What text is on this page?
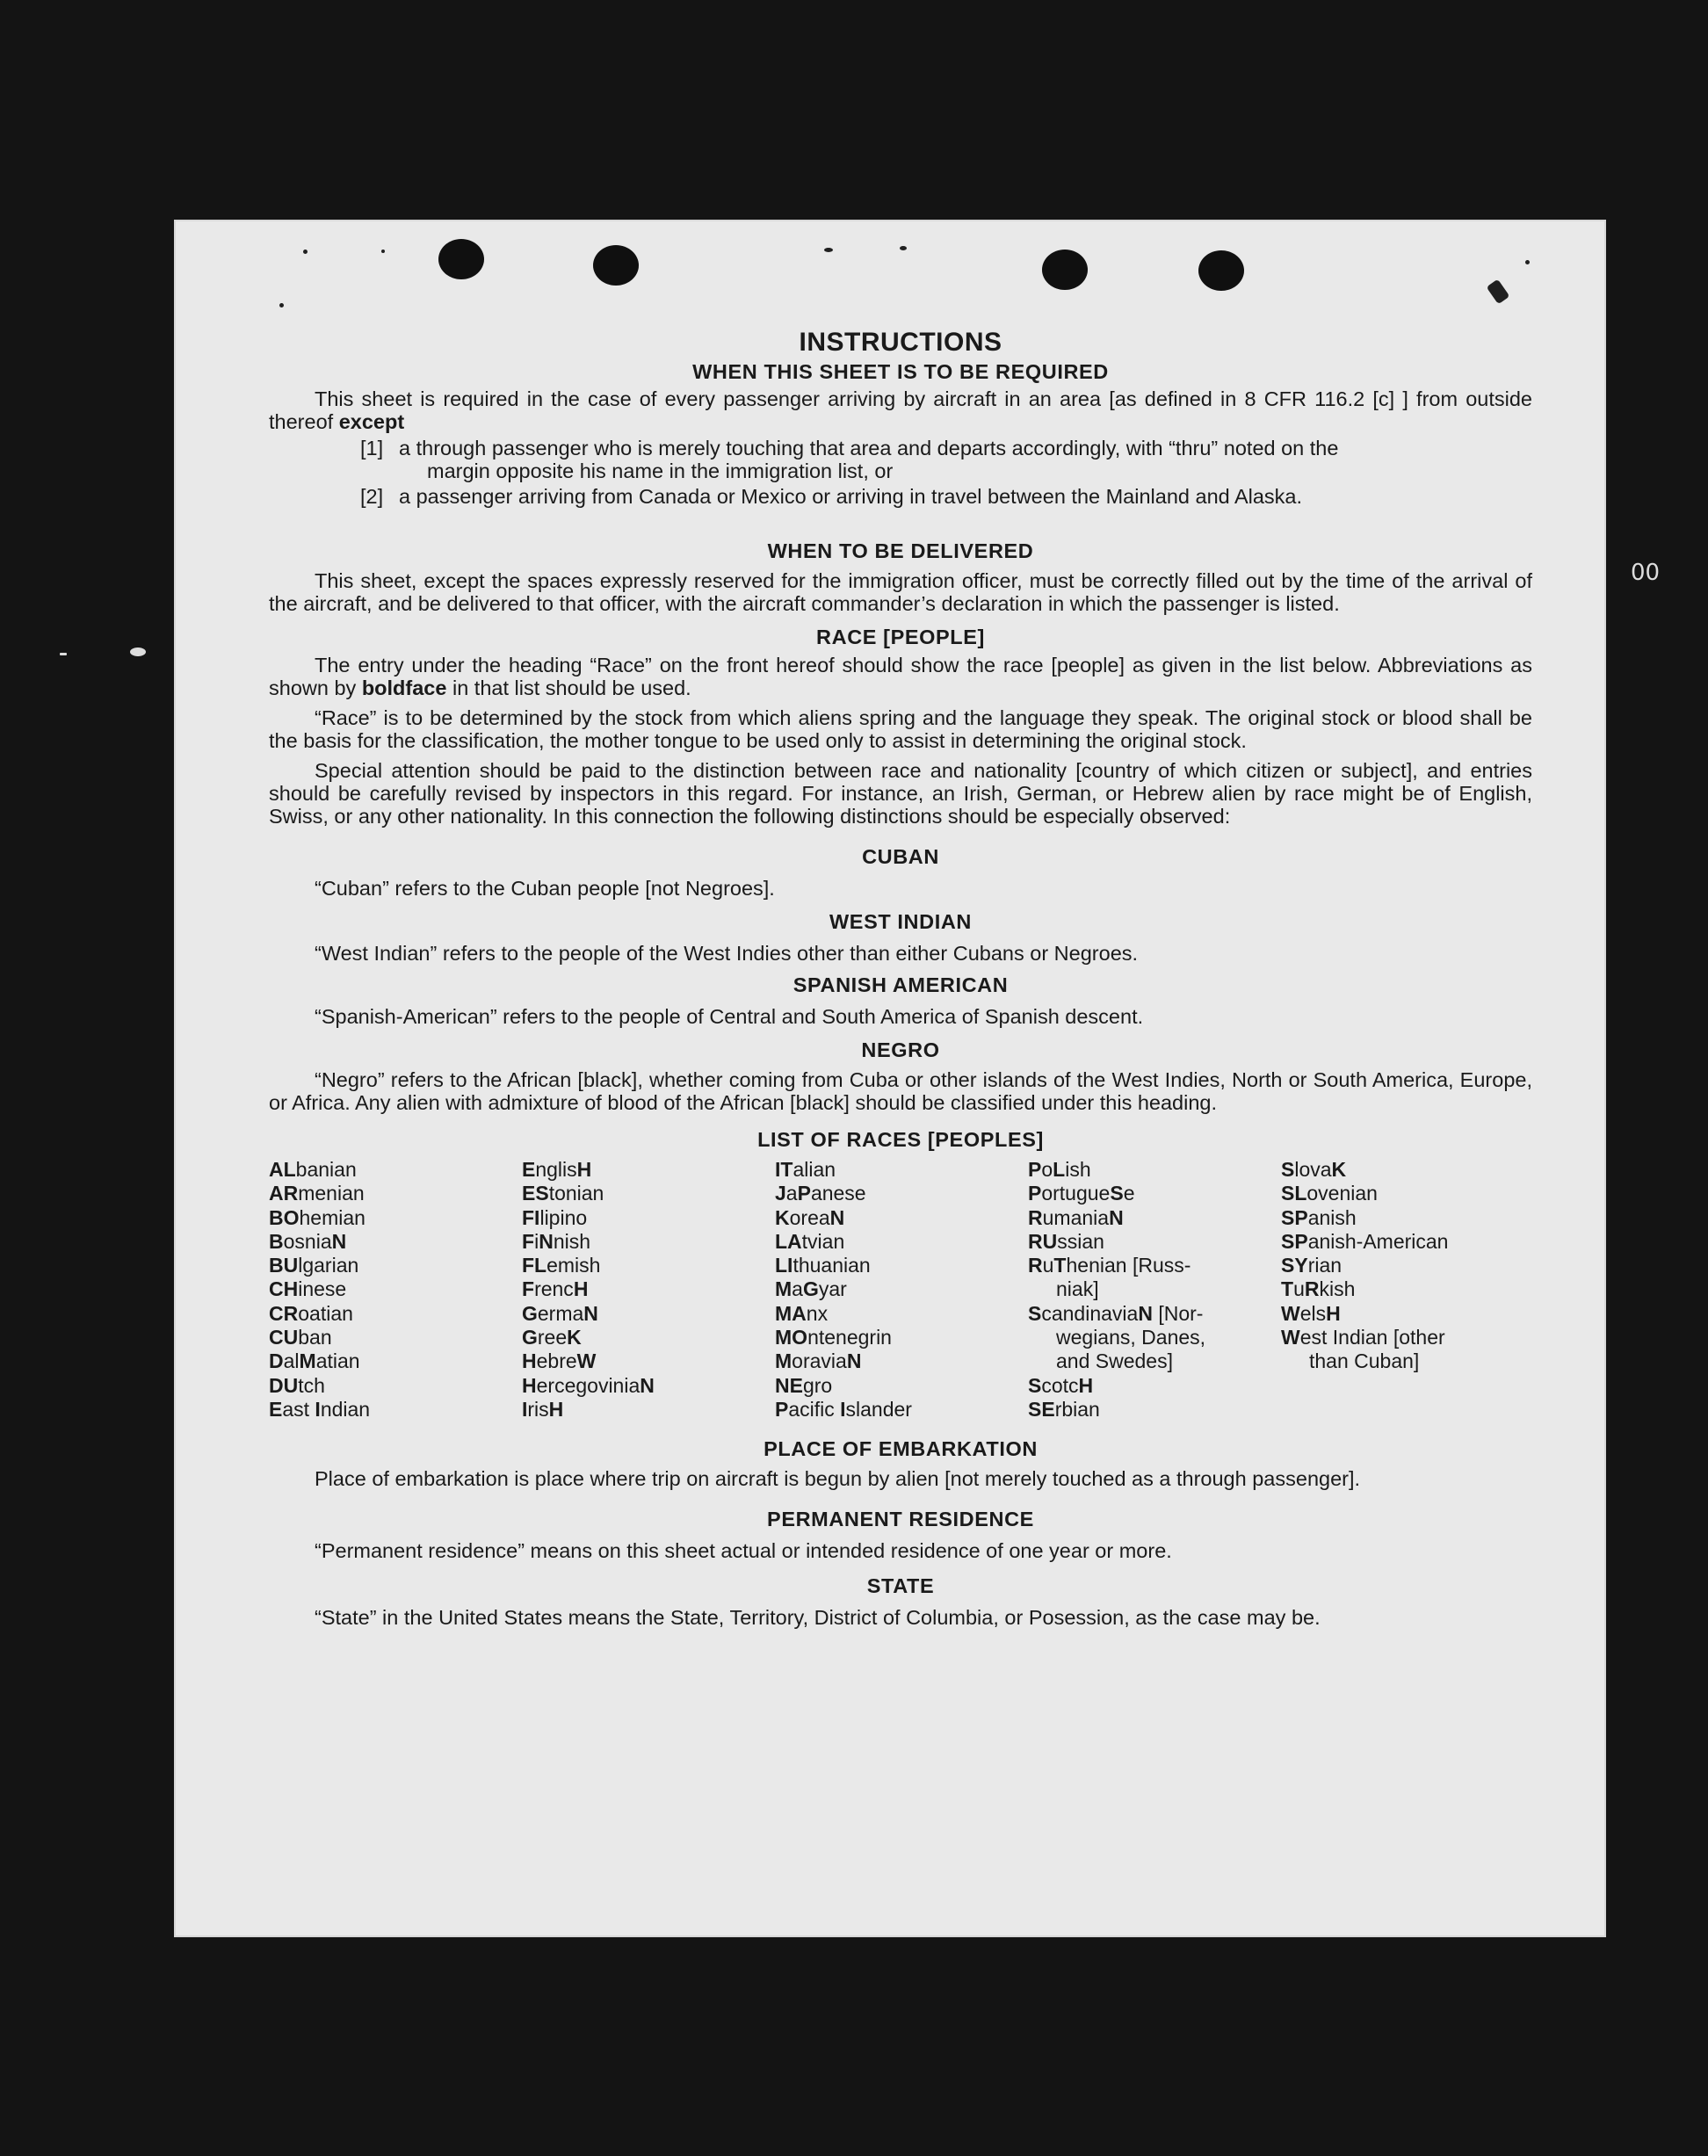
00
INSTRUCTIONS
WHEN THIS SHEET IS TO BE REQUIRED

This sheet is required in the case of every passenger arriving by aircraft in an area [as defined in 8 CFR 116.2 [c] ] from outside thereof except

[1] a through passenger who is merely touching that area and departs accordingly, with “thru” noted on the
margin opposite his name in the immigration list, or
[2] a passenger arriving from Canada or Mexico or arriving in travel between the Mainland and Alaska.
WHEN TO BE DELIVERED

This sheet, except the spaces expressly reserved for the immigration officer, must be correctly filled out by the time of the arrival of the aircraft, and be delivered to that officer, with the aircraft commander’s declaration in which the passenger is listed.

RACE [PEOPLE]

The entry under the heading “Race” on the front hereof should show the race [people] as given in the list below. Abbreviations as shown by boldface in that list should be used.

“Race” is to be determined by the stock from which aliens spring and the language they speak. The original stock or blood shall be the basis for the classification, the mother tongue to be used only to assist in determining the original stock.

Special attention should be paid to the distinction between race and nationality [country of which citizen or subject], and entries should be carefully revised by inspectors in this regard. For instance, an Irish, German, or Hebrew alien by race might be of English, Swiss, or any other nationality. In this connection the following distinctions should be especially observed:

CUBAN

“Cuban” refers to the Cuban people [not Negroes].

WEST INDIAN

“West Indian” refers to the people of the West Indies other than either Cubans or Negroes.

SPANISH AMERICAN

“Spanish-American” refers to the people of Central and South America of Spanish descent.

NEGRO

“Negro” refers to the African [black], whether coming from Cuba or other islands of the West Indies, North or South America, Europe, or Africa. Any alien with admixture of blood of the African [black] should be classified under this heading.

LIST OF RACES [PEOPLES]
ALbanian
ARmenian
BOhemian
BosniaN
BUlgarian
CHinese
CRoatian
CUban
DalMatian
DUtch
East Indian
EnglisH
EStonian
FIlipino
FiNnish
FLemish
FrencH
GermaN
GreeK
HebreW
HercegoviniaN
IrisH
ITalian
JaPanese
KoreaN
LAtvian
LIthuanian
MaGyar
MAnx
MOntenegrin
MoraviaN
NEgro
Pacific Islander
PoLish
PortugueSe
RumaniaN
RUssian
RuThenian [Russ-
niak]
ScandinaviaN [Nor-
wegians, Danes,
and Swedes]
ScotcH
SErbian
SlovaK
SLovenian
SPanish
SPanish-American
SYrian
TuRkish
WelsH
West Indian [other
than Cuban]
PLACE OF EMBARKATION

Place of embarkation is place where trip on aircraft is begun by alien [not merely touched as a through passenger].

PERMANENT RESIDENCE

“Permanent residence” means on this sheet actual or intended residence of one year or more.

STATE

“State” in the United States means the State, Territory, District of Columbia, or Posession, as the case may be.
